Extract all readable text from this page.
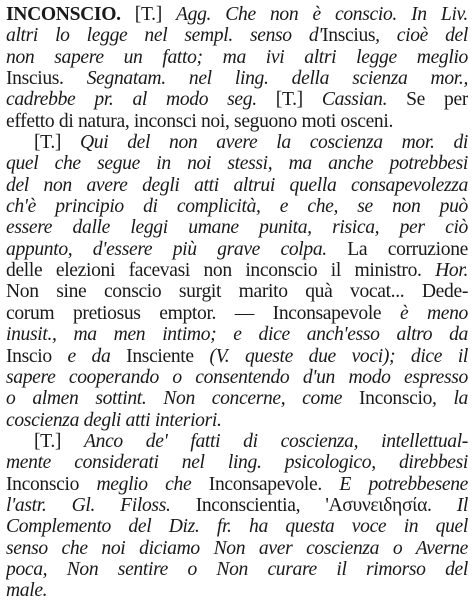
INCONSCIO. [T.] Agg. Che non è conscio. In Liv.
altri lo legge nel sempl. senso d'Inscius, cioè del
non sapere un fatto; ma ivi altri legge meglio
Inscius. Segnatam. nel ling. della scienza mor.,
cadrebbe pr. al modo seg. [T.] Cassian. Se per
effetto di natura, inconsci noi, seguono moti osceni.
[T.] Qui del non avere la coscienza mor. di
quel che segue in noi stessi, ma anche potrebbesi
del non avere degli atti altrui quella consapevolezza
ch'è principio di complicità, e che, se non può
essere dalle leggi umane punita, risica, per ciò
appunto, d'essere più grave colpa. La corruzione
delle elezioni facevasi non inconscio il ministro. Hor.
Non sine conscio surgit marito quà vocat... Dede-
corum pretiosus emptor. — Inconsapevole è meno
inusit., ma men intimo; e dice anch'esso altro da
Inscio e da Insciente (V. queste due voci); dice il
sapere cooperando o consentendo d'un modo espresso
o almen sottint. Non concerne, come Inconscio, la
coscienza degli atti interiori.
[T.] Anco de' fatti di coscienza, intellettual-
mente considerati nel ling. psicologico, direbbesi
Inconscio meglio che Inconsapevole. E potrebbesene
l'astr. Gl. Filoss. Inconscientia, 'Ασυνειδησία. Il
Complemento del Diz. fr. ha questa voce in quel
senso che noi diciamo Non aver coscienza o Averne
poca, Non sentire o Non curare il rimorso del
male.
